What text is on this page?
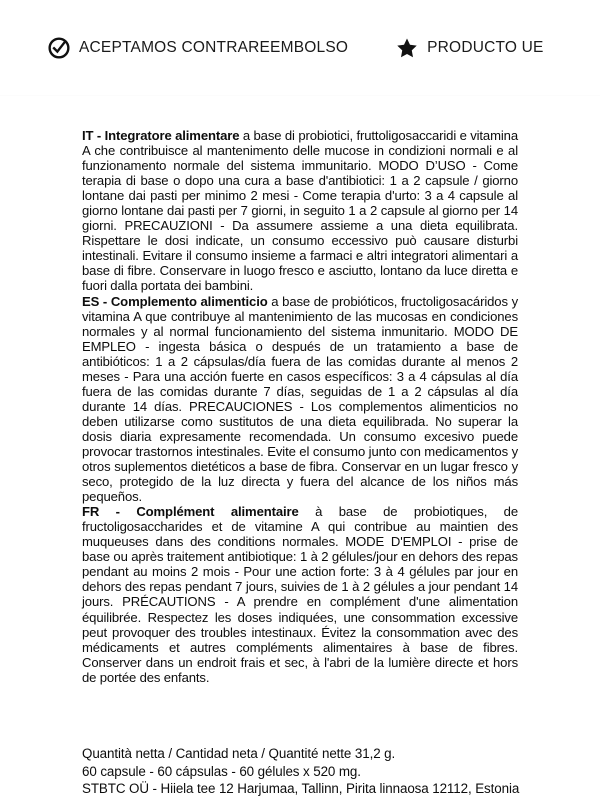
ACEPTAMOS CONTRAREEMBOLSO	PRODUCTO UE

IT - Integratore alimentare a base di probiotici, fruttoligosaccaridi e vitamina A che contribuisce al mantenimento delle mucose in condizioni normali e al funzionamento normale del sistema immunitario. MODO D’USO - Come terapia di base o dopo una cura a base d'antibiotici: 1 a 2 capsule / giorno lontane dai pasti per minimo 2 mesi - Come terapia d'urto: 3 a 4 capsule al giorno lontane dai pasti per 7 giorni, in seguito 1 a 2 capsule al giorno per 14 giorni. PRECAUZIONI - Da assumere assieme a una dieta equilibrata. Rispettare le dosi indicate, un consumo eccessivo può causare disturbi intestinali. Evitare il consumo insieme a farmaci e altri integratori alimentari a base di fibre. Conservare in luogo fresco e asciutto, lontano da luce diretta e fuori dalla portata dei bambini.

ES - Complemento alimenticio a base de probióticos, fructoligosacáridos y vitamina A que contribuye al mantenimiento de las mucosas en condiciones normales y al normal funcionamiento del sistema inmunitario. MODO DE EMPLEO - ingesta básica o después de un tratamiento a base de antibióticos: 1 a 2 cápsulas/día fuera de las comidas durante al menos 2 meses - Para una acción fuerte en casos específicos: 3 a 4 cápsulas al día fuera de las comidas durante 7 días, seguidas de 1 a 2 cápsulas al día durante 14 días. PRECAUCIONES - Los complementos alimenticios no deben utilizarse como sustitutos de una dieta equilibrada. No superar la dosis diaria expresamente recomendada. Un consumo excesivo puede provocar trastornos intestinales. Evite el consumo junto con medicamentos y otros suplementos dietéticos a base de fibra. Conservar en un lugar fresco y seco, protegido de la luz directa y fuera del alcance de los niños más pequeños.

FR - Complément alimentaire à base de probiotiques, de fructoligosaccharides et de vitamine A qui contribue au maintien des muqueuses dans des conditions normales. MODE D'EMPLOI - prise de base ou après traitement antibiotique: 1 à 2 gélules/jour en dehors des repas pendant au moins 2 mois - Pour une action forte: 3 à 4 gélules par jour en dehors des repas pendant 7 jours, suivies de 1 à 2 gélules a jour pendant 14 jours. PRÉCAUTIONS - A prendre en complément d'une alimentation équilibrée. Respectez les doses indiquées, une consommation excessive peut provoquer des troubles intestinaux. Évitez la consommation avec des médicaments et autres compléments alimentaires à base de fibres. Conserver dans un endroit frais et sec, à l'abri de la lumière directe et hors de portée des enfants.

Quantità netta / Cantidad neta / Quantité nette 31,2 g.
60 capsule - 60 cápsulas - 60 gélules x 520 mg.
STBTC OÜ - Hiiela tee 12 Harjumaa, Tallinn, Pirita linnaosa 12112, Estonia
